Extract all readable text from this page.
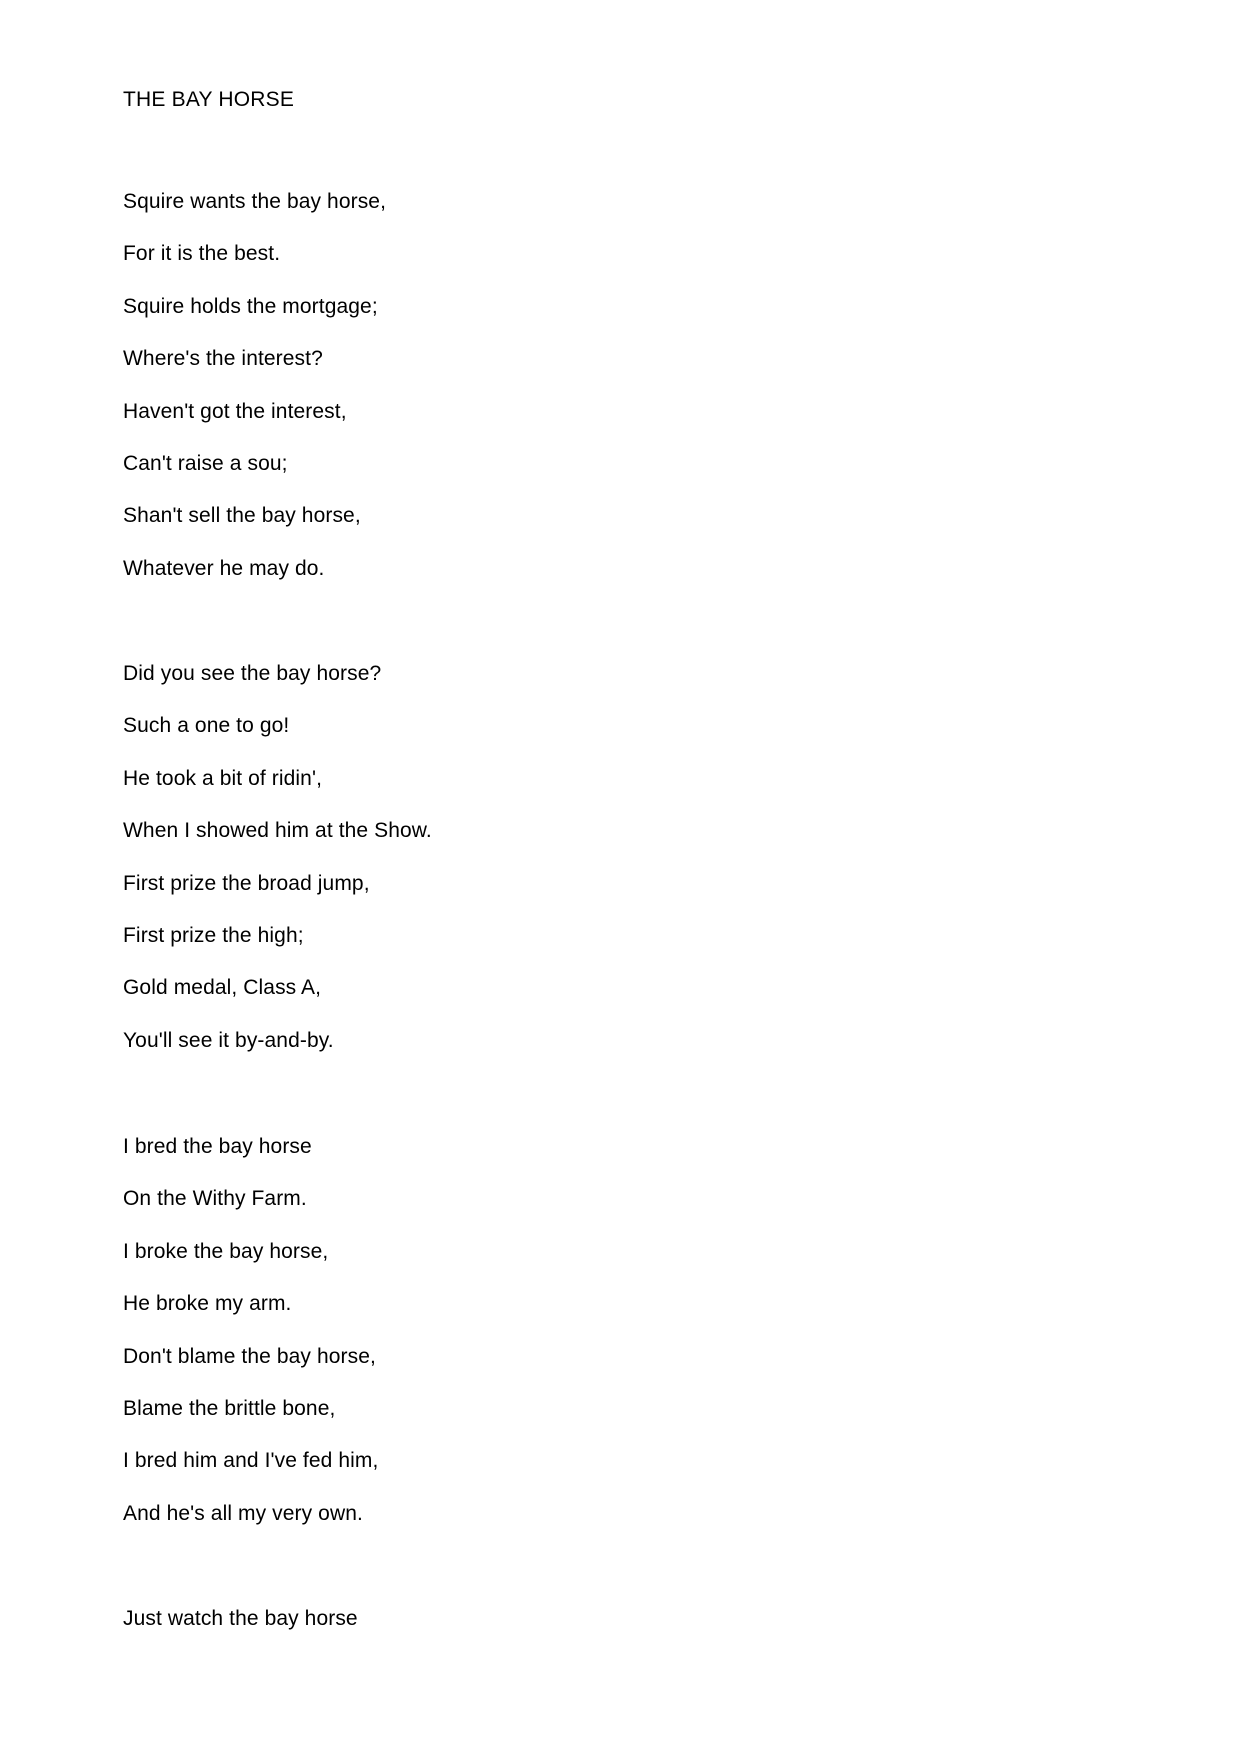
THE BAY HORSE
Squire wants the bay horse,
For it is the best.
Squire holds the mortgage;
Where's the interest?
Haven't got the interest,
Can't raise a sou;
Shan't sell the bay horse,
Whatever he may do.
Did you see the bay horse?
Such a one to go!
He took a bit of ridin',
When I showed him at the Show.
First prize the broad jump,
First prize the high;
Gold medal, Class A,
You'll see it by-and-by.
I bred the bay horse
On the Withy Farm.
I broke the bay horse,
He broke my arm.
Don't blame the bay horse,
Blame the brittle bone,
I bred him and I've fed him,
And he's all my very own.
Just watch the bay horse
